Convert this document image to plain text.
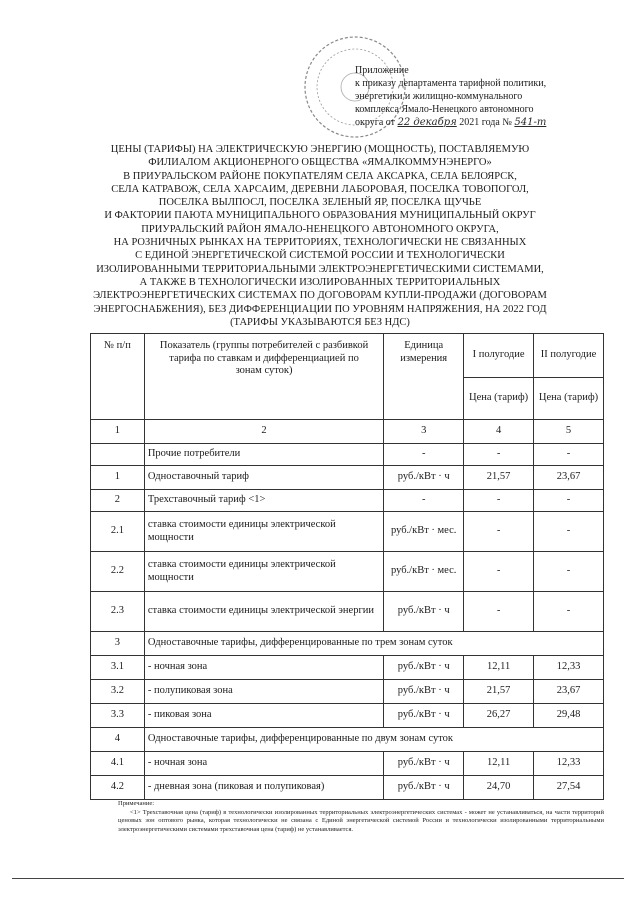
Приложение
к приказу департамента тарифной политики,
энергетики и жилищно-коммунального
комплекса Ямало-Ненецкого автономного
округа от 22 декабря 2021 года № 541-т
ЦЕНЫ (ТАРИФЫ) НА ЭЛЕКТРИЧЕСКУЮ ЭНЕРГИЮ (МОЩНОСТЬ), ПОСТАВЛЯЕМУЮ
ФИЛИАЛОМ АКЦИОНЕРНОГО ОБЩЕСТВА «ЯМАЛКОММУНЭНЕРГО»
В ПРИУРАЛЬСКОМ РАЙОНЕ ПОКУПАТЕЛЯМ СЕЛА АКСАРКА, СЕЛА БЕЛОЯРСК,
СЕЛА КАТРАВОЖ, СЕЛА ХАРСАИМ, ДЕРЕВНИ ЛАБОРОВАЯ, ПОСЕЛКА ТОВОПОГОЛ,
ПОСЕЛКА ВЫЛПОСЛ, ПОСЕЛКА ЗЕЛЕНЫЙ ЯР, ПОСЕЛКА ЩУЧЬЕ
И ФАКТОРИИ ПАЮТА МУНИЦИПАЛЬНОГО ОБРАЗОВАНИЯ МУНИЦИПАЛЬНЫЙ ОКРУГ
ПРИУРАЛЬСКИЙ РАЙОН ЯМАЛО-НЕНЕЦКОГО АВТОНОМНОГО ОКРУГА,
НА РОЗНИЧНЫХ РЫНКАХ НА ТЕРРИТОРИЯХ, ТЕХНОЛОГИЧЕСКИ НЕ СВЯЗАННЫХ
С ЕДИНОЙ ЭНЕРГЕТИЧЕСКОЙ СИСТЕМОЙ РОССИИ И ТЕХНОЛОГИЧЕСКИ
ИЗОЛИРОВАННЫМИ ТЕРРИТОРИАЛЬНЫМИ ЭЛЕКТРОЭНЕРГЕТИЧЕСКИМИ СИСТЕМАМИ,
А ТАКЖЕ В ТЕХНОЛОГИЧЕСКИ ИЗОЛИРОВАННЫХ ТЕРРИТОРИАЛЬНЫХ
ЭЛЕКТРОЭНЕРГЕТИЧЕСКИХ СИСТЕМАХ ПО ДОГОВОРАМ КУПЛИ-ПРОДАЖИ (ДОГОВОРАМ
ЭНЕРГОСНАБЖЕНИЯ), БЕЗ ДИФФЕРЕНЦИАЦИИ ПО УРОВНЯМ НАПРЯЖЕНИЯ, НА 2022 ГОД
(ТАРИФЫ УКАЗЫВАЮТСЯ БЕЗ НДС)
№ п/п	Показатель (группы потребителей с разбивкой тарифа по ставкам и дифференциацией по зонам суток)	Единица измерения	I полугодие	II полугодие
			Цена (тариф)	Цена (тариф)
1	2	3	4	5
	Прочие потребители	-	-	-
1	Одноставочный тариф	руб./кВт · ч	21,57	23,67
2	Трехставочный тариф <1>	-	-	-
2.1	ставка стоимости единицы электрической мощности	руб./кВт · мес.	-	-
2.2	ставка стоимости единицы электрической мощности	руб./кВт · мес.	-	-
2.3	ставка стоимости единицы электрической энергии	руб./кВт · ч	-	-
3	Одноставочные тарифы, дифференцированные по трем зонам суток			
3.1	- ночная зона	руб./кВт · ч	12,11	12,33
3.2	- полупиковая зона	руб./кВт · ч	21,57	23,67
3.3	- пиковая зона	руб./кВт · ч	26,27	29,48
4	Одноставочные тарифы, дифференцированные по двум зонам суток			
4.1	- ночная зона	руб./кВт · ч	12,11	12,33
4.2	- дневная зона (пиковая и полупиковая)	руб./кВт · ч	24,70	27,54
Примечание:
<1> Трехставочная цена (тариф) в технологически изолированных территориальных электроэнергетических системах - может не устанавливаться, на части территорий ценовых зон оптового рынка, которая технологически не связана с Единой энергетической системой России и технологически изолированными территориальными электроэнергетическими системами трехставочная цена (тариф) не устанавливается.
